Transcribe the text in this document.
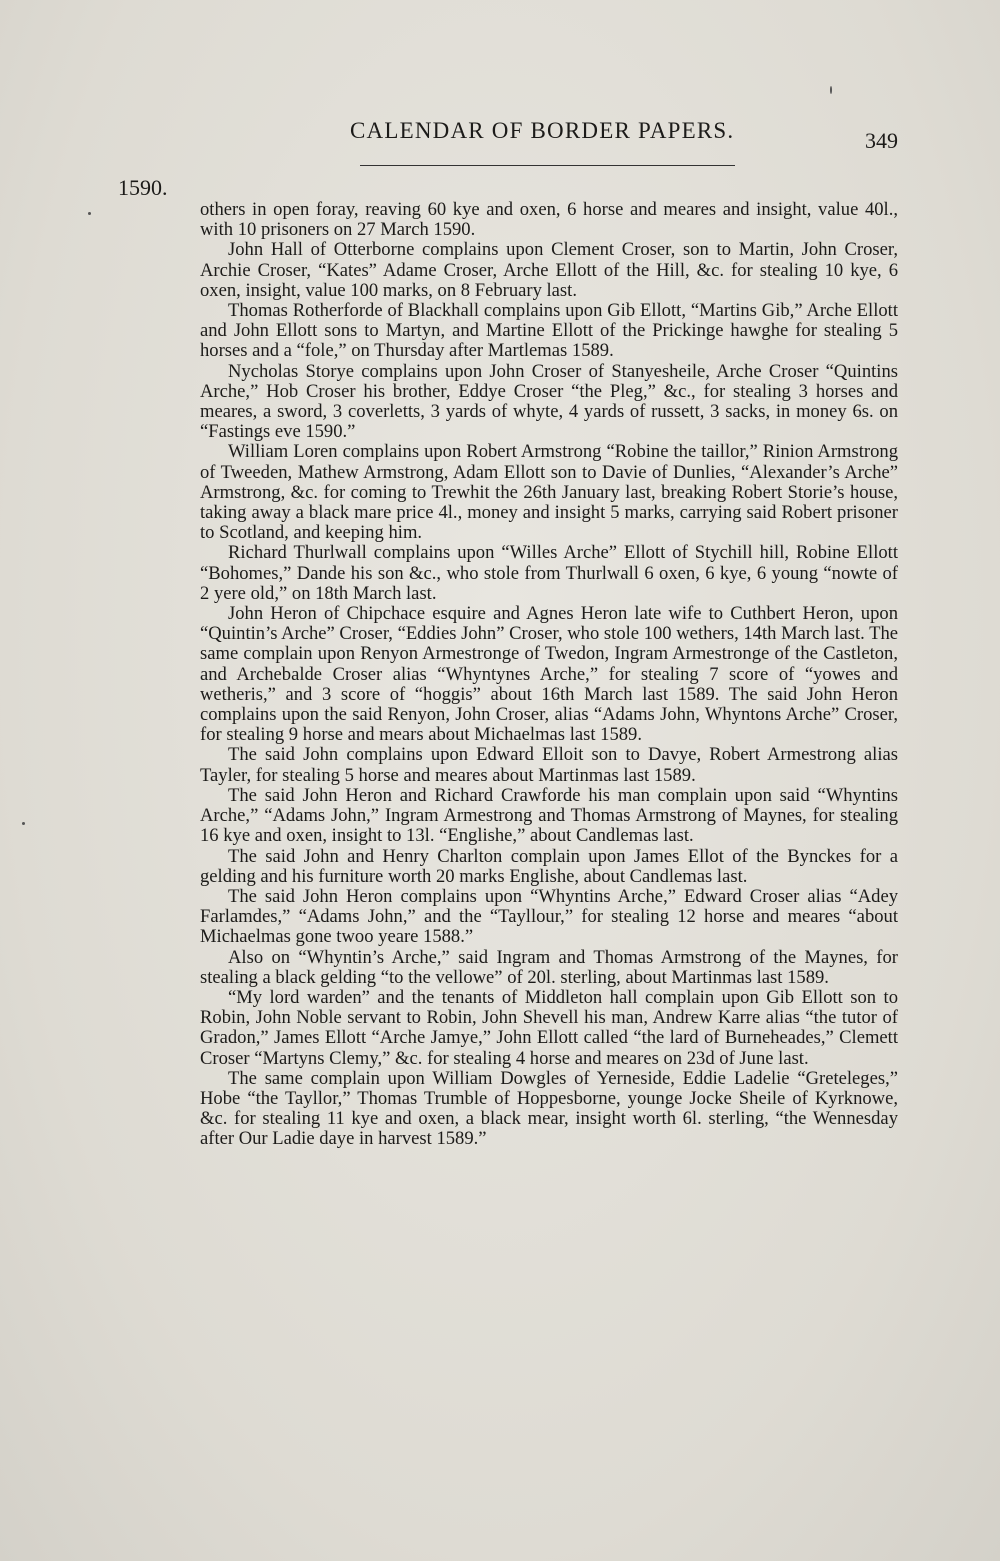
CALENDAR OF BORDER PAPERS.	349
1590.

others in open foray, reaving 60 kye and oxen, 6 horse and meares and insight, value 40l., with 10 prisoners on 27 March 1590.

John Hall of Otterborne complains upon Clement Croser, son to Martin, John Croser, Archie Croser, “Kates” Adame Croser, Arche Ellott of the Hill, &c. for stealing 10 kye, 6 oxen, insight, value 100 marks, on 8 February last.

Thomas Rotherforde of Blackhall complains upon Gib Ellott, “Martins Gib,” Arche Ellott and John Ellott sons to Martyn, and Martine Ellott of the Prickinge hawghe for stealing 5 horses and a “fole,” on Thursday after Martlemas 1589.

Nycholas Storye complains upon John Croser of Stanyesheile, Arche Croser “Quintins Arche,” Hob Croser his brother, Eddye Croser “the Pleg,” &c., for stealing 3 horses and meares, a sword, 3 coverletts, 3 yards of whyte, 4 yards of russett, 3 sacks, in money 6s. on “Fastings eve 1590.”

William Loren complains upon Robert Armstrong “Robine the taillor,” Rinion Armstrong of Tweeden, Mathew Armstrong, Adam Ellott son to Davie of Dunlies, “Alexander’s Arche” Armstrong, &c. for coming to Trewhit the 26th January last, breaking Robert Storie’s house, taking away a black mare price 4l., money and insight 5 marks, carrying said Robert prisoner to Scotland, and keeping him.

Richard Thurlwall complains upon “Willes Arche” Ellott of Stychill hill, Robine Ellott “Bohomes,” Dande his son &c., who stole from Thurlwall 6 oxen, 6 kye, 6 young “nowte of 2 yere old,” on 18th March last.

John Heron of Chipchace esquire and Agnes Heron late wife to Cuthbert Heron, upon “Quintin’s Arche” Croser, “Eddies John” Croser, who stole 100 wethers, 14th March last. The same complain upon Renyon Armestronge of Twedon, Ingram Armestronge of the Castleton, and Archebalde Croser alias “Whyntynes Arche,” for stealing 7 score of “yowes and wetheris,” and 3 score of “hoggis” about 16th March last 1589. The said John Heron complains upon the said Renyon, John Croser, alias “Adams John, Whyntons Arche” Croser, for stealing 9 horse and mears about Michaelmas last 1589.

The said John complains upon Edward Elloit son to Davye, Robert Armestrong alias Tayler, for stealing 5 horse and meares about Martinmas last 1589.

The said John Heron and Richard Crawforde his man complain upon said “Whyntins Arche,” “Adams John,” Ingram Armestrong and Thomas Armstrong of Maynes, for stealing 16 kye and oxen, insight to 13l. “Englishe,” about Candlemas last.

The said John and Henry Charlton complain upon James Ellot of the Bynckes for a gelding and his furniture worth 20 marks Englishe, about Candlemas last.

The said John Heron complains upon “Whyntins Arche,” Edward Croser alias “Adey Farlamdes,” “Adams John,” and the “Tayllour,” for stealing 12 horse and meares “about Michaelmas gone twoo yeare 1588.”

Also on “Whyntin’s Arche,” said Ingram and Thomas Armstrong of the Maynes, for stealing a black gelding “to the vellowe” of 20l. sterling, about Martinmas last 1589.

“My lord warden” and the tenants of Middleton hall complain upon Gib Ellott son to Robin, John Noble servant to Robin, John Shevell his man, Andrew Karre alias “the tutor of Gradon,” James Ellott “Arche Jamye,” John Ellott called “the lard of Burneheades,” Clemett Croser “Martyns Clemy,” &c. for stealing 4 horse and meares on 23d of June last.

The same complain upon William Dowgles of Yerneside, Eddie Ladelie “Greteleges,” Hobe “the Tayllor,” Thomas Trumble of Hoppesborne, younge Jocke Sheile of Kyrknowe, &c. for stealing 11 kye and oxen, a black mear, insight worth 6l. sterling, “the Wennesday after Our Ladie daye in harvest 1589.”
